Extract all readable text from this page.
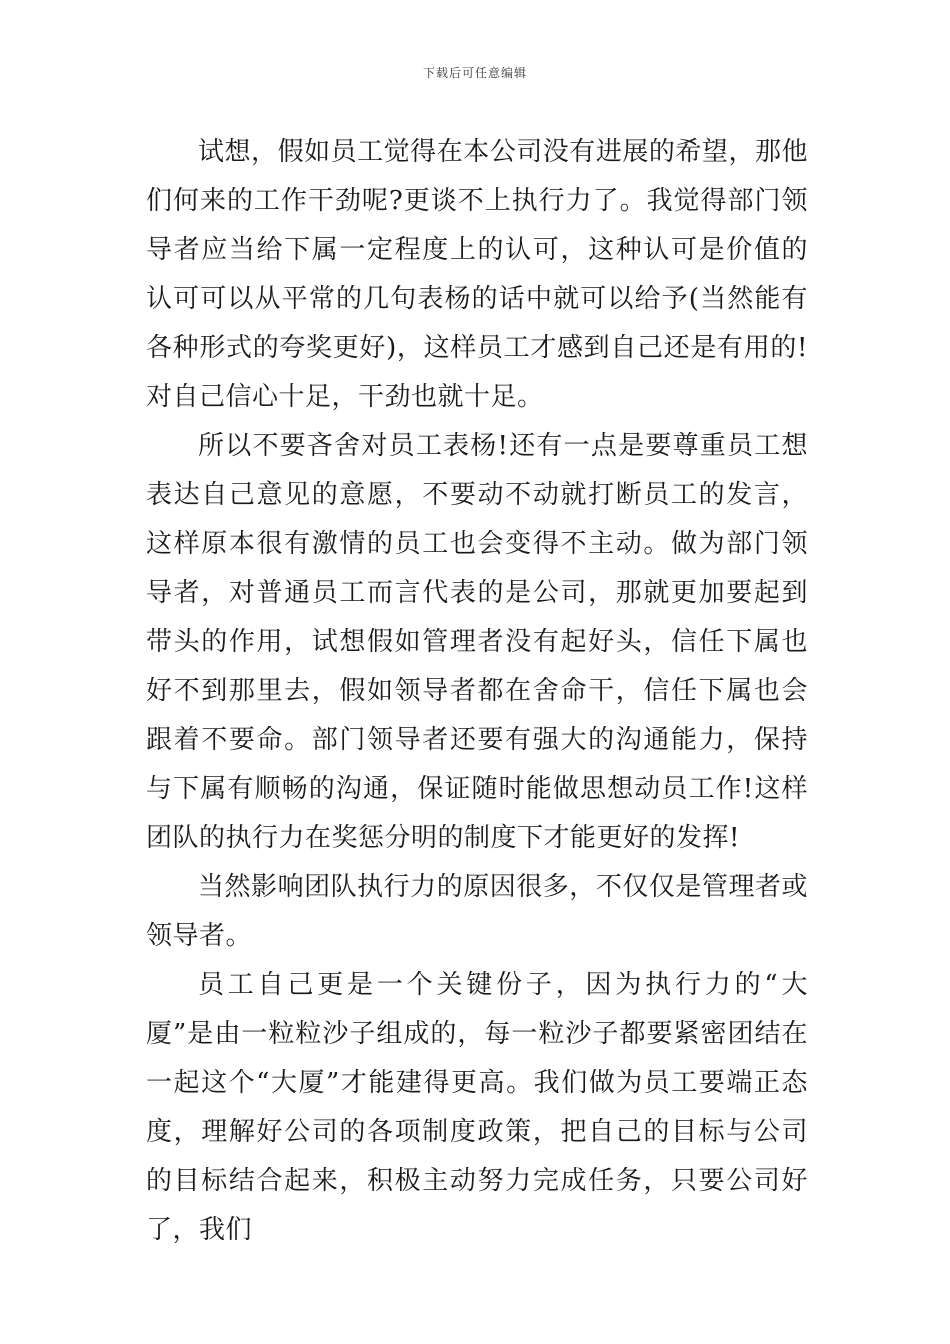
下载后可任意编辑

试想，假如员工觉得在本公司没有进展的希望，那他们何来的工作干劲呢?更谈不上执行力了。我觉得部门领导者应当给下属一定程度上的认可，这种认可是价值的认可可以从平常的几句表杨的话中就可以给予(当然能有各种形式的夸奖更好)，这样员工才感到自己还是有用的!对自己信心十足，干劲也就十足。

所以不要吝舍对员工表杨!还有一点是要尊重员工想表达自己意见的意愿，不要动不动就打断员工的发言，这样原本很有激情的员工也会变得不主动。做为部门领导者，对普通员工而言代表的是公司，那就更加要起到带头的作用，试想假如管理者没有起好头，信任下属也好不到那里去，假如领导者都在舍命干，信任下属也会跟着不要命。部门领导者还要有强大的沟通能力，保持与下属有顺畅的沟通，保证随时能做思想动员工作!这样团队的执行力在奖惩分明的制度下才能更好的发挥!

当然影响团队执行力的原因很多，不仅仅是管理者或领导者。

员工自己更是一个关键份子，因为执行力的“大厦”是由一粒粒沙子组成的，每一粒沙子都要紧密团结在一起这个“大厦”才能建得更高。我们做为员工要端正态度，理解好公司的各项制度政策，把自己的目标与公司的目标结合起来，积极主动努力完成任务，只要公司好了，我们
